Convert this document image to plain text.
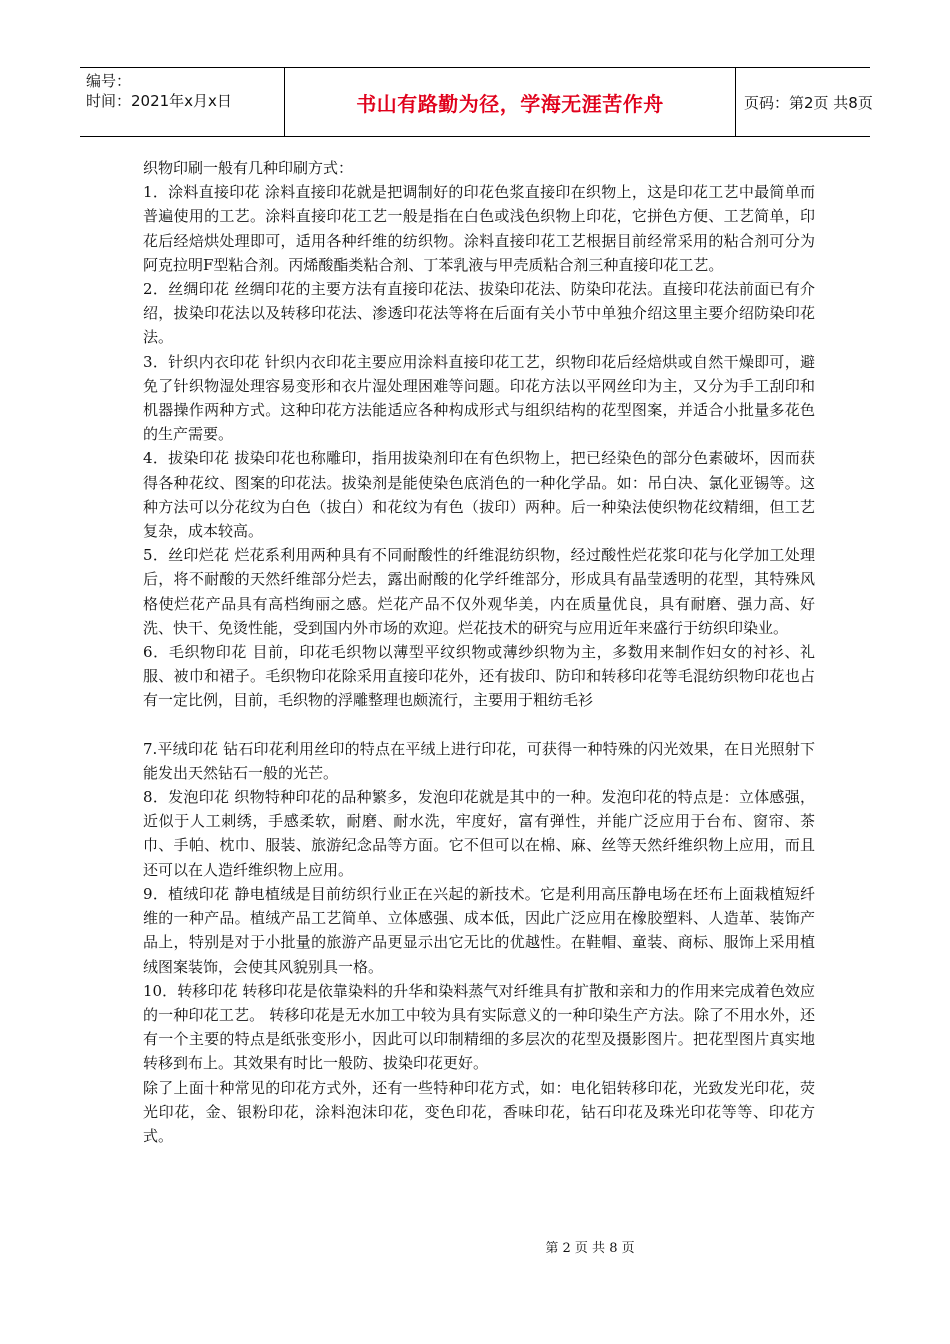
编号：
时间：2021年x月x日	书山有路勤为径，学海无涯苦作舟	页码：第2页 共8页

织物印刷一般有几种印刷方式：

1．涂料直接印花 涂料直接印花就是把调制好的印花色浆直接印在织物上，这是印花工艺中最简单而普遍使用的工艺。涂料直接印花工艺一般是指在白色或浅色织物上印花，它拼色方便、工艺简单，印花后经焙烘处理即可，适用各种纤维的纺织物。涂料直接印花工艺根据目前经常采用的粘合剂可分为阿克拉明F型粘合剂。丙烯酸酯类粘合剂、丁苯乳液与甲壳质粘合剂三种直接印花工艺。

2．丝绸印花 丝绸印花的主要方法有直接印花法、拔染印花法、防染印花法。直接印花法前面已有介绍，拔染印花法以及转移印花法、渗透印花法等将在后面有关小节中单独介绍这里主要介绍防染印花法。

3．针织内衣印花 针织内衣印花主要应用涂料直接印花工艺，织物印花后经焙烘或自然干燥即可，避免了针织物湿处理容易变形和衣片湿处理困难等问题。印花方法以平网丝印为主，又分为手工刮印和机器操作两种方式。这种印花方法能适应各种构成形式与组织结构的花型图案，并适合小批量多花色的生产需要。

4．拔染印花 拔染印花也称雕印，指用拔染剂印在有色织物上，把已经染色的部分色素破坏，因而获得各种花纹、图案的印花法。拔染剂是能使染色底消色的一种化学品。如：吊白决、氯化亚锡等。这种方法可以分花纹为白色（拔白）和花纹为有色（拔印）两种。后一种染法使织物花纹精细，但工艺复杂，成本较高。

5．丝印烂花 烂花系利用两种具有不同耐酸性的纤维混纺织物，经过酸性烂花浆印花与化学加工处理后，将不耐酸的天然纤维部分烂去，露出耐酸的化学纤维部分，形成具有晶莹透明的花型，其特殊风格使烂花产品具有高档绚丽之感。烂花产品不仅外观华美，内在质量优良，具有耐磨、强力高、好洗、快干、免烫性能，受到国内外市场的欢迎。烂花技术的研究与应用近年来盛行于纺织印染业。

6．毛织物印花 目前，印花毛织物以薄型平纹织物或薄纱织物为主，多数用来制作妇女的衬衫、礼服、被巾和裙子。毛织物印花除采用直接印花外，还有拔印、防印和转移印花等毛混纺织物印花也占有一定比例，目前，毛织物的浮雕整理也颇流行，主要用于粗纺毛衫

7.平绒印花 钻石印花利用丝印的特点在平绒上进行印花，可获得一种特殊的闪光效果，在日光照射下能发出天然钻石一般的光芒。

8．发泡印花 织物特种印花的品种繁多，发泡印花就是其中的一种。发泡印花的特点是：立体感强，近似于人工刺绣，手感柔软，耐磨、耐水洗，牢度好，富有弹性，并能广泛应用于台布、窗帘、茶巾、手帕、枕巾、服装、旅游纪念品等方面。它不但可以在棉、麻、丝等天然纤维织物上应用，而且还可以在人造纤维织物上应用。

9．植绒印花 静电植绒是目前纺织行业正在兴起的新技术。它是利用高压静电场在坯布上面栽植短纤维的一种产品。植绒产品工艺简单、立体感强、成本低，因此广泛应用在橡胶塑料、人造革、装饰产品上，特别是对于小批量的旅游产品更显示出它无比的优越性。在鞋帽、童装、商标、服饰上采用植绒图案装饰，会使其风貌别具一格。

10．转移印花 转移印花是依靠染料的升华和染料蒸气对纤维具有扩散和亲和力的作用来完成着色效应的一种印花工艺。 转移印花是无水加工中较为具有实际意义的一种印染生产方法。除了不用水外，还有一个主要的特点是纸张变形小，因此可以印制精细的多层次的花型及摄影图片。把花型图片真实地转移到布上。其效果有时比一般防、拔染印花更好。

除了上面十种常见的印花方式外，还有一些特种印花方式，如：电化铝转移印花，光致发光印花，荧光印花，金、银粉印花，涂料泡沫印花，变色印花，香味印花，钻石印花及珠光印花等等、印花方式。

第 2 页 共 8 页
